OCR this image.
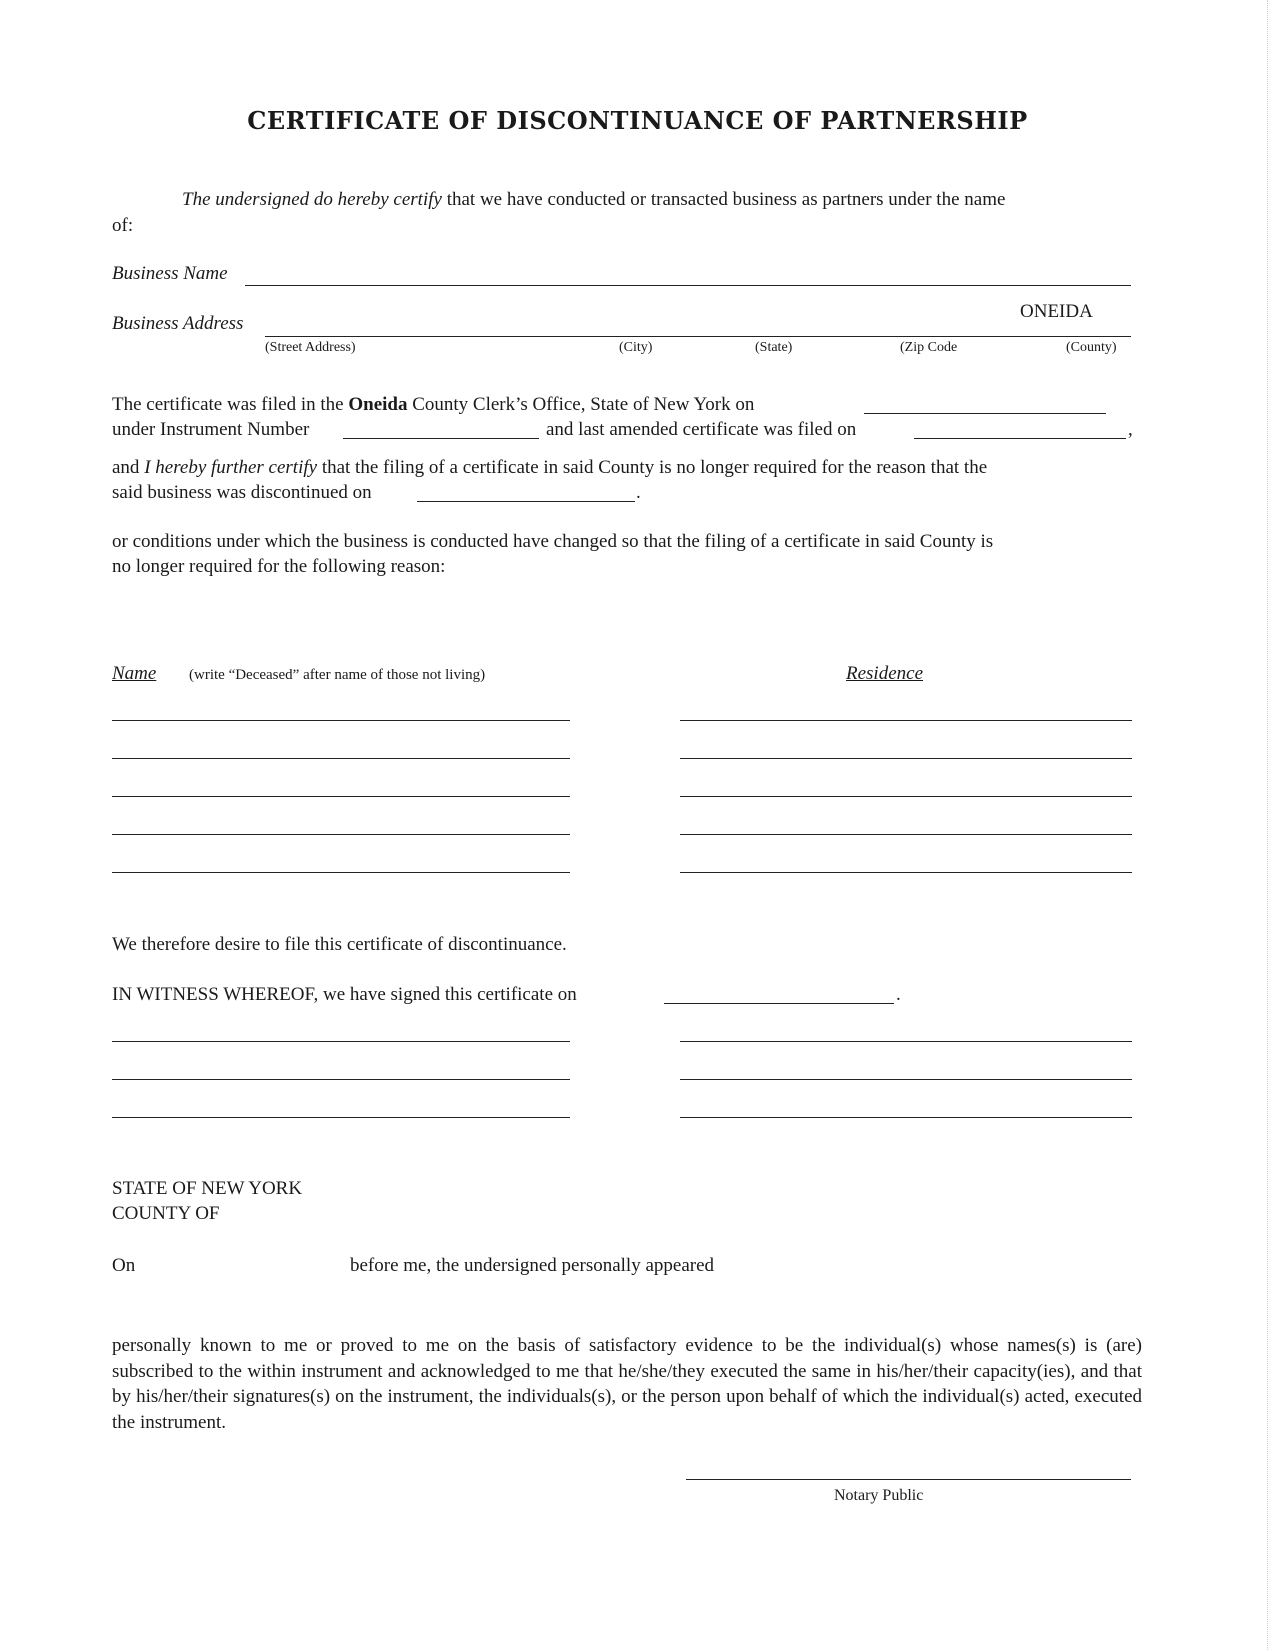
CERTIFICATE OF DISCONTINUANCE OF PARTNERSHIP
The undersigned do hereby certify that we have conducted or transacted business as partners under the name
of:
Business Name
ONEIDA
Business Address
(Street Address)	(City)	(State)	(Zip Code	(County)
The certificate was filed in the Oneida County Clerk’s Office, State of New York on
under Instrument Number	and last amended certificate was filed on	,
and I hereby further certify that the filing of a certificate in said County is no longer required for the reason that the
said business was discontinued on	.
or conditions under which the business is conducted have changed so that the filing of a certificate in said County is
no longer required for the following reason:
Name (write “Deceased” after name of those not living)	Residence
We therefore desire to file this certificate of discontinuance.
IN WITNESS WHEREOF, we have signed this certificate on	.
STATE OF NEW YORK
COUNTY OF
On	before me, the undersigned personally appeared
personally known to me or proved to me on the basis of satisfactory evidence to be the individual(s) whose names(s) is (are) subscribed to the within instrument and acknowledged to me that he/she/they executed the same in his/her/their capacity(ies), and that by his/her/their signatures(s) on the instrument, the individuals(s), or the person upon behalf of which the individual(s) acted, executed the instrument.
Notary Public
